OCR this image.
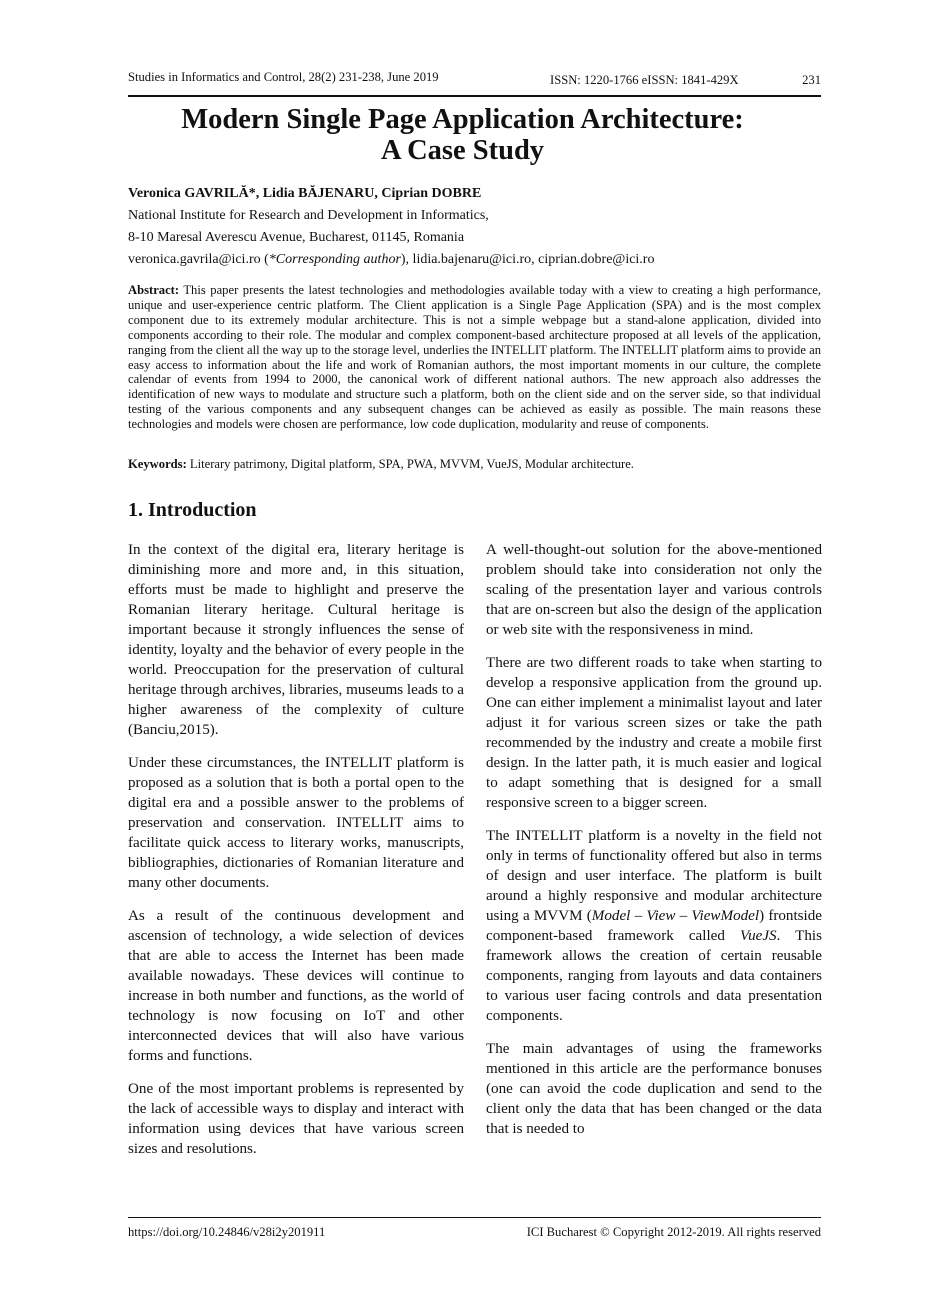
Studies in Informatics and Control, 28(2) 231-238, June 2019	ISSN: 1220-1766 eISSN: 1841-429X	231
Modern Single Page Application Architecture:
A Case Study
Veronica GAVRILĂ*, Lidia BĂJENARU, Ciprian DOBRE
National Institute for Research and Development in Informatics,
8-10 Maresal Averescu Avenue, Bucharest, 01145, Romania
veronica.gavrila@ici.ro (*Corresponding author), lidia.bajenaru@ici.ro, ciprian.dobre@ici.ro
Abstract: This paper presents the latest technologies and methodologies available today with a view to creating a high performance, unique and user-experience centric platform. The Client application is a Single Page Application (SPA) and is the most complex component due to its extremely modular architecture. This is not a simple webpage but a stand-alone application, divided into components according to their role. The modular and complex component-based architecture proposed at all levels of the application, ranging from the client all the way up to the storage level, underlies the INTELLIT platform. The INTELLIT platform aims to provide an easy access to information about the life and work of Romanian authors, the most important moments in our culture, the complete calendar of events from 1994 to 2000, the canonical work of different national authors. The new approach also addresses the identification of new ways to modulate and structure such a platform, both on the client side and on the server side, so that individual testing of the various components and any subsequent changes can be achieved as easily as possible. The main reasons these technologies and models were chosen are performance, low code duplication, modularity and reuse of components.
Keywords: Literary patrimony, Digital platform, SPA, PWA, MVVM, VueJS, Modular architecture.
1. Introduction

In the context of the digital era, literary heritage is diminishing more and more and, in this situation, efforts must be made to highlight and preserve the Romanian literary heritage. Cultural heritage is important because it strongly influences the sense of identity, loyalty and the behavior of every people in the world. Preoccupation for the preservation of cultural heritage through archives, libraries, museums leads to a higher awareness of the complexity of culture (Banciu,2015).

Under these circumstances, the INTELLIT platform is proposed as a solution that is both a portal open to the digital era and a possible answer to the problems of preservation and conservation. INTELLIT aims to facilitate quick access to literary works, manuscripts, bibliographies, dictionaries of Romanian literature and many other documents.

As a result of the continuous development and ascension of technology, a wide selection of devices that are able to access the Internet has been made available nowadays. These devices will continue to increase in both number and functions, as the world of technology is now focusing on IoT and other interconnected devices that will also have various forms and functions.

One of the most important problems is represented by the lack of accessible ways to display and interact with information using devices that have various screen sizes and resolutions.

A well-thought-out solution for the above-mentioned problem should take into consideration not only the scaling of the presentation layer and various controls that are on-screen but also the design of the application or web site with the responsiveness in mind.

There are two different roads to take when starting to develop a responsive application from the ground up. One can either implement a minimalist layout and later adjust it for various screen sizes or take the path recommended by the industry and create a mobile first design. In the latter path, it is much easier and logical to adapt something that is designed for a small responsive screen to a bigger screen.

The INTELLIT platform is a novelty in the field not only in terms of functionality offered but also in terms of design and user interface. The platform is built around a highly responsive and modular architecture using a MVVM (Model – View – ViewModel) frontside component-based framework called VueJS. This framework allows the creation of certain reusable components, ranging from layouts and data containers to various user facing controls and data presentation components.

The main advantages of using the frameworks mentioned in this article are the performance bonuses (one can avoid the code duplication and send to the client only the data that has been changed or the data that is needed to

https://doi.org/10.24846/v28i2y201911	ICI Bucharest © Copyright 2012-2019. All rights reserved
